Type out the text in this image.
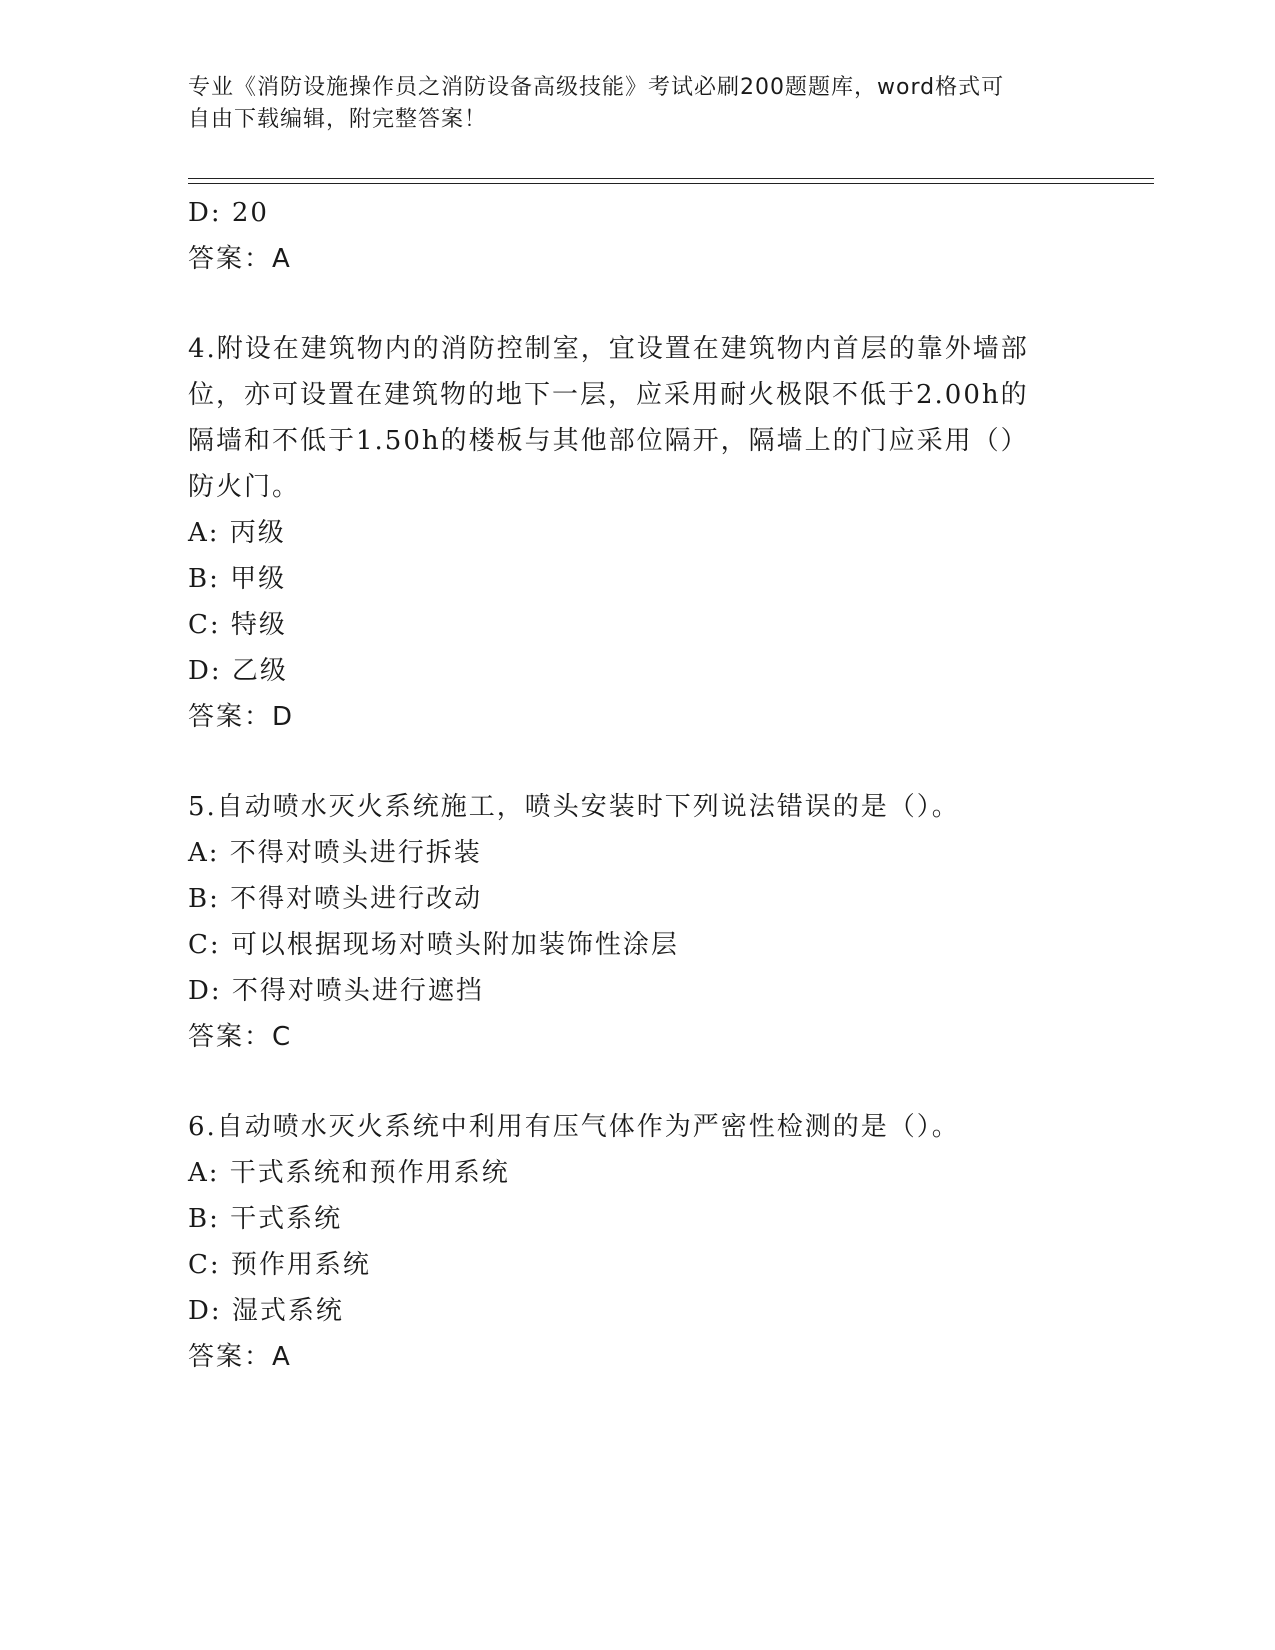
专业《消防设施操作员之消防设备高级技能》考试必刷200题题库，word格式可
自由下载编辑，附完整答案！
D: 20
答案：A
4.附设在建筑物内的消防控制室，宜设置在建筑物内首层的靠外墙部
位，亦可设置在建筑物的地下一层，应采用耐火极限不低于2.00h的
隔墙和不低于1.50h的楼板与其他部位隔开，隔墙上的门应采用（）
防火门。
A: 丙级
B: 甲级
C: 特级
D: 乙级
答案：D
5.自动喷水灭火系统施工，喷头安装时下列说法错误的是（）。
A: 不得对喷头进行拆装
B: 不得对喷头进行改动
C: 可以根据现场对喷头附加装饰性涂层
D: 不得对喷头进行遮挡
答案：C
6.自动喷水灭火系统中利用有压气体作为严密性检测的是（）。
A: 干式系统和预作用系统
B: 干式系统
C: 预作用系统
D: 湿式系统
答案：A
